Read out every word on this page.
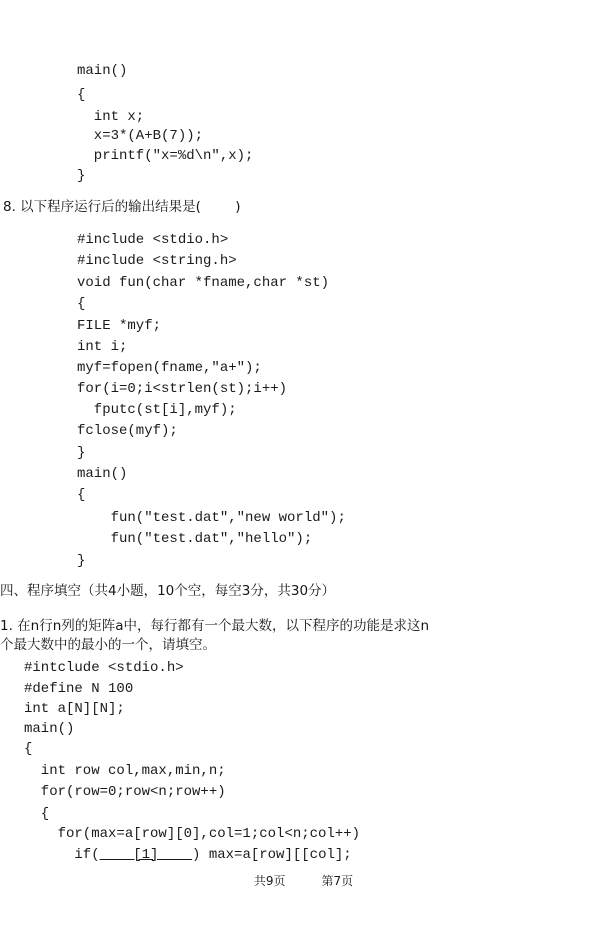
main()
{
int x;
x=3*(A+B(7));
printf("x=%d\n",x);
}
8. 以下程序运行后的输出结果是(        )
#include <stdio.h>
#include <string.h>
void fun(char *fname,char *st)
{
FILE *myf;
int i;
myf=fopen(fname,"a+");
for(i=0;i<strlen(st);i++)
fputc(st[i],myf);
fclose(myf);
}
main()
{
fun("test.dat","new world");
fun("test.dat","hello");
}
四、程序填空（共4小题，10个空，每空3分，共30分）
1. 在n行n列的矩阵a中，每行都有一个最大数，以下程序的功能是求这n
个最大数中的最小的一个，请填空。
#intclude <stdio.h>
#define N 100
int a[N][N];
main()
{
int row col,max,min,n;
for(row=0;row<n;row++)
{
for(max=a[row][0],col=1;col<n;col++)
if(    [1]    ) max=a[row][[col];
共9页	第7页
